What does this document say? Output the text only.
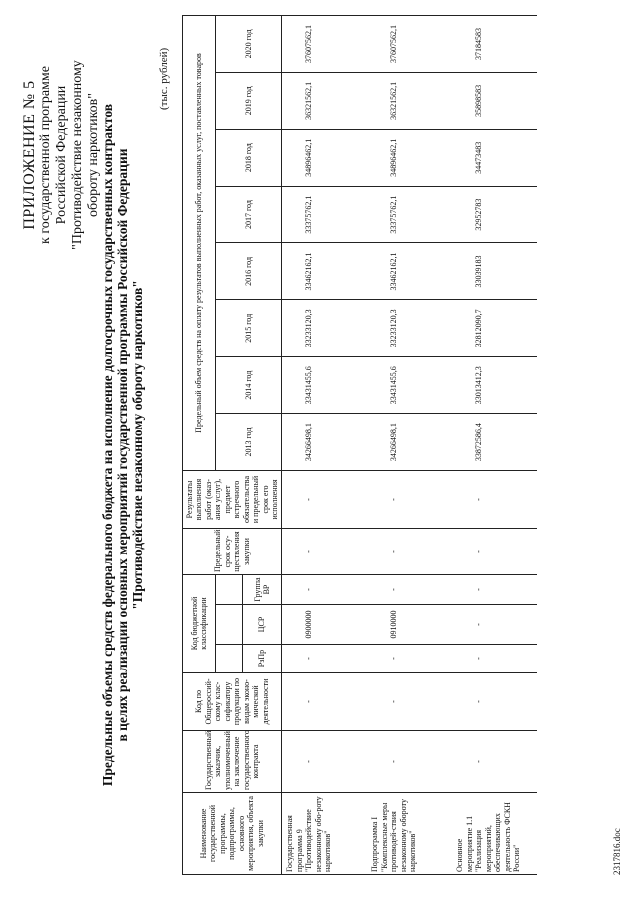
ПРИЛОЖЕНИЕ № 5 к государственной программе Российской Федерации "Противодействие незаконному обороту наркотиков" Предельные объемы средств федерального бюджета на исполнение долгосрочных государственных контрактов в целях реализации основных мероприятий государственной программы Российской Федерации "Противодействие незаконному обороту наркотиков"
(тыс. рублей)
Наименование государственной программы, подпрограммы, основного мероприятия, объекта закупки	Государственный заказчик, уполномоченный на заключение государственного контракта	Код по Общероссий-скому клас-сификатору продукции по видам эконо-мической деятельности	Код бюджетной классификации			Предельный срок осу-ществления закупки	Результаты выполнения работ (оказ-ания услуг), предмет встречного обязательства и предельный срок его исполнения	Предельный объем средств на оплату результатов выполненных работ, оказанных услуг, поставленных товаров							
								2013 год	2014 год	2015 год	2016 год	2017 год	2018 год	2019 год	2020 год
			РзПр	ЦСР	Группа ВР										
Государственная программа 9 "Противодействие незаконному обо-роту наркотиков"	-	-	-	0900000	-	-	-	34266498,1	33431455,6	33233120,3	33462162,1	33375762,1	34896462,1	36321562,1	37607562,1
Подпрограмма I "Комплексные меры противодей-ствия незаконному обороту наркотиков"	-	-	-	0910000	-	-	-	34266498,1	33431455,6	33233120,3	33462162,1	33375762,1	34896462,1	36321562,1	37607562,1
Основное мероприятие 1.1 "Реализация мероприятий, обеспечивающих деятельность ФСКН России"	-	-	-	-	-	-	-	33872586,4	33013412,3	32812090,7	33039183	32952783	34473483	35898583	37184583
2317816.doc
